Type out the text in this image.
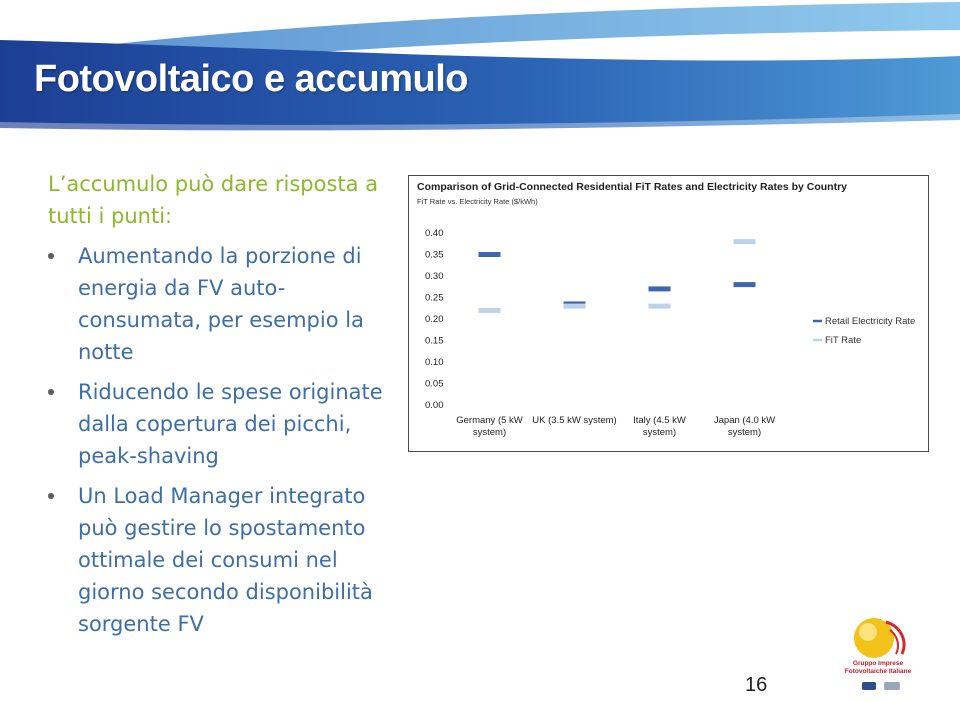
Fotovoltaico e accumulo

L’accumulo può dare risposta a tutti i punti:

Aumentando la porzione di energia da FV auto-consumata, per esempio la notte
Riducendo le spese originate dalla copertura dei picchi, peak-shaving
Un Load Manager integrato può gestire lo spostamento ottimale dei consumi nel giorno secondo disponibilità sorgente FV
Comparison of Grid-Connected Residential FiT Rates and Electricity Rates by Country
FiT Rate vs. Electricity Rate ($/kWh)
0.40
0.35
0.30
0.25
0.20
0.15
0.10
0.05
0.00
Germany (5 kW
system)
UK (3.5 kW system) Italy (4.5 kW
system)
Japan (4.0 kW
system)
Retail Electricity Rate
FiT Rate
16
Gruppo Imprese Fotovoltaiche Italiane
